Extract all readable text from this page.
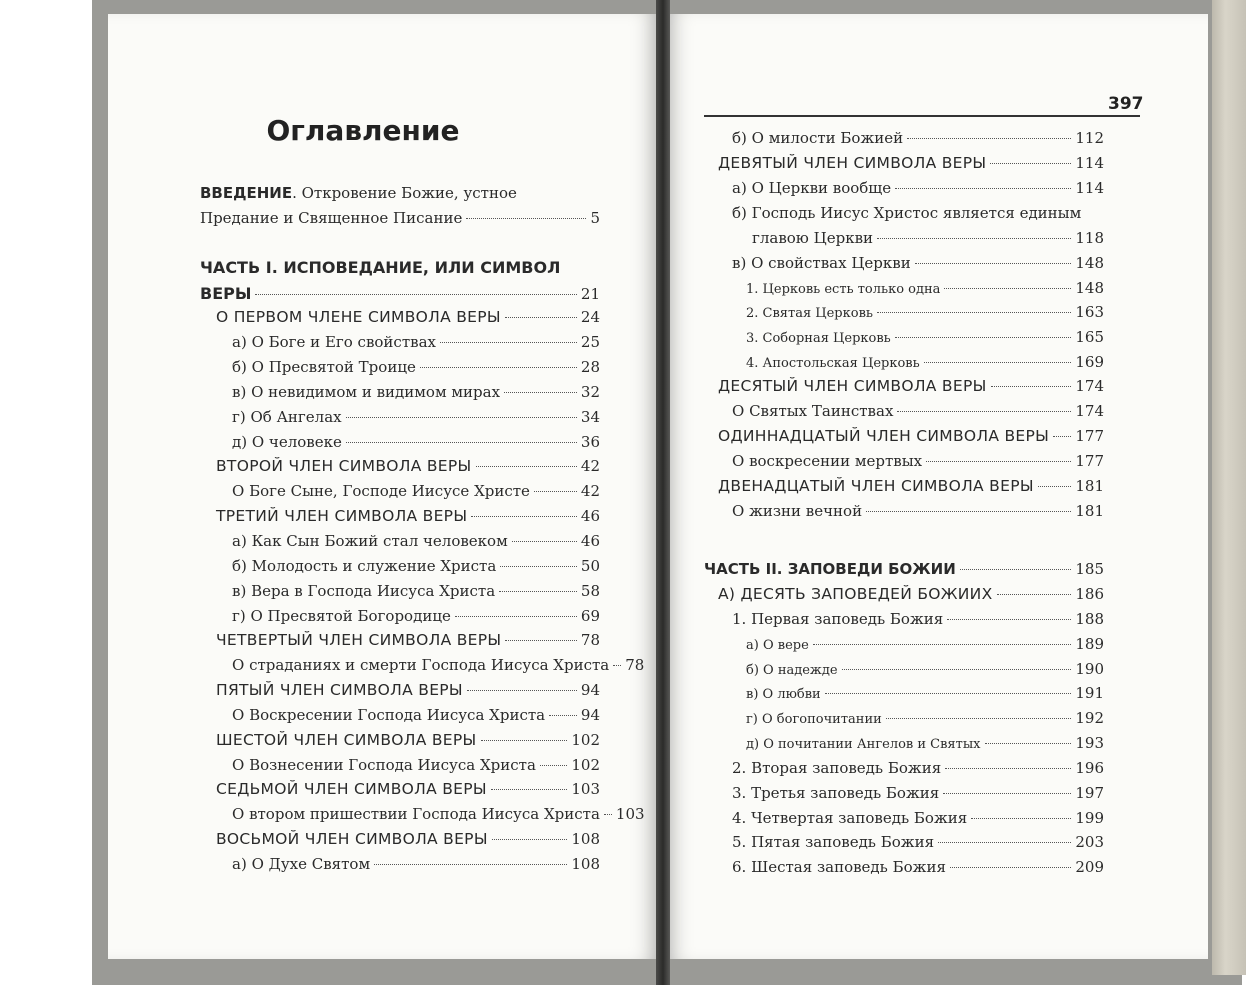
Оглавление
ВВЕДЕНИЕ. Откровение Божие, устное
Предание и Священное Писание	5
ЧАСТЬ I. ИСПОВЕДАНИЕ, ИЛИ СИМВОЛ
ВЕРЫ	21
О ПЕРВОМ ЧЛЕНЕ СИМВОЛА ВЕРЫ	24
а) О Боге и Его свойствах	25
б) О Пресвятой Троице	28
в) О невидимом и видимом мирах	32
г) Об Ангелах	34
д) О человеке	36
ВТОРОЙ ЧЛЕН СИМВОЛА ВЕРЫ	42
О Боге Сыне, Господе Иисусе Христе	42
ТРЕТИЙ ЧЛЕН СИМВОЛА ВЕРЫ	46
а) Как Сын Божий стал человеком	46
б) Молодость и служение Христа	50
в) Вера в Господа Иисуса Христа	58
г) О Пресвятой Богородице	69
ЧЕТВЕРТЫЙ ЧЛЕН СИМВОЛА ВЕРЫ	78
О страданиях и смерти Господа Иисуса Христа 78
ПЯТЫЙ ЧЛЕН СИМВОЛА ВЕРЫ	94
О Воскресении Господа Иисуса Христа 94
ШЕСТОЙ ЧЛЕН СИМВОЛА ВЕРЫ	102
О Вознесении Господа Иисуса Христа 102
СЕДЬМОЙ ЧЛЕН СИМВОЛА ВЕРЫ	103
О втором пришествии Господа Иисуса Христа 103
ВОСЬМОЙ ЧЛЕН СИМВОЛА ВЕРЫ	108
а) О Духе Святом	108
397
б) О милости Божией	112
ДЕВЯТЫЙ ЧЛЕН СИМВОЛА ВЕРЫ	114
а) О Церкви вообще	114
б) Господь Иисус Христос является единым
главою Церкви	118
в) О свойствах Церкви	148
1. Церковь есть только одна	148
2. Святая Церковь	163
3. Соборная Церковь	165
4. Апостольская Церковь	169
ДЕСЯТЫЙ ЧЛЕН СИМВОЛА ВЕРЫ	174
О Святых Таинствах	174
ОДИННАДЦАТЫЙ ЧЛЕН СИМВОЛА ВЕРЫ 177
О воскресении мертвых	177
ДВЕНАДЦАТЫЙ ЧЛЕН СИМВОЛА ВЕРЫ	181
О жизни вечной	181
ЧАСТЬ II. ЗАПОВЕДИ БОЖИИ	185
А) ДЕСЯТЬ ЗАПОВЕДЕЙ БОЖИИХ	186
1. Первая заповедь Божия	188
а) О вере	189
б) О надежде	190
в) О любви	191
г) О богопочитании	192
д) О почитании Ангелов и Святых	193
2. Вторая заповедь Божия	196
3. Третья заповедь Божия	197
4. Четвертая заповедь Божия	199
5. Пятая заповедь Божия	203
6. Шестая заповедь Божия	209
